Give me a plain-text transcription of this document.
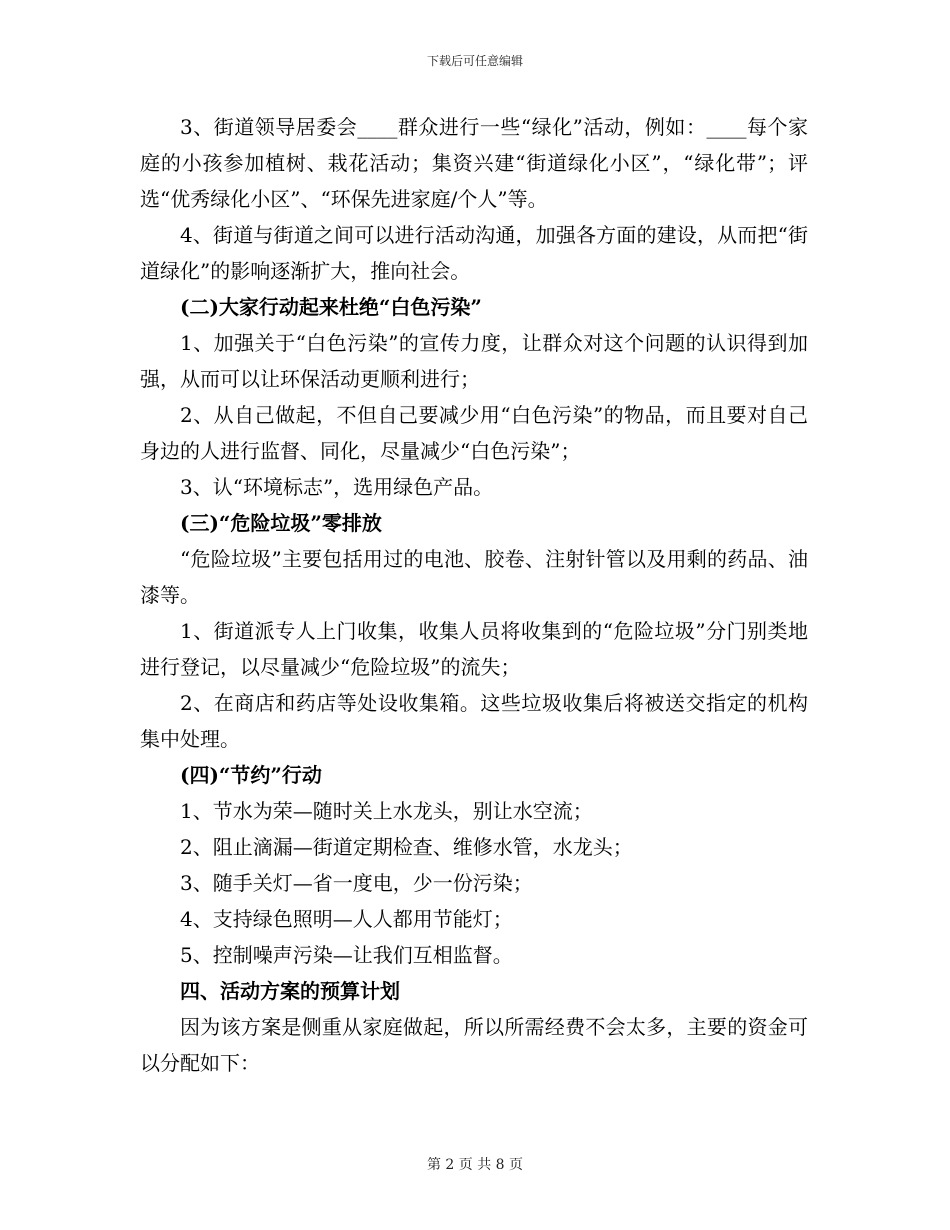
下载后可任意编辑

3、街道领导居委会____群众进行一些“绿化”活动，例如：____每个家庭的小孩参加植树、栽花活动；集资兴建“街道绿化小区”，“绿化带”；评选“优秀绿化小区”、“环保先进家庭/个人”等。

4、街道与街道之间可以进行活动沟通，加强各方面的建设，从而把“街道绿化”的影响逐渐扩大，推向社会。

(二)大家行动起来杜绝“白色污染”

1、加强关于“白色污染”的宣传力度，让群众对这个问题的认识得到加强，从而可以让环保活动更顺利进行；

2、从自己做起，不但自己要减少用“白色污染”的物品，而且要对自己身边的人进行监督、同化，尽量减少“白色污染”；

3、认“环境标志”，选用绿色产品。

(三)“危险垃圾”零排放

“危险垃圾”主要包括用过的电池、胶卷、注射针管以及用剩的药品、油漆等。

1、街道派专人上门收集，收集人员将收集到的“危险垃圾”分门别类地进行登记，以尽量减少“危险垃圾”的流失；

2、在商店和药店等处设收集箱。这些垃圾收集后将被送交指定的机构集中处理。

(四)“节约”行动

1、节水为荣—随时关上水龙头，别让水空流；

2、阻止滴漏—街道定期检查、维修水管，水龙头；

3、随手关灯—省一度电，少一份污染；

4、支持绿色照明—人人都用节能灯；

5、控制噪声污染—让我们互相监督。

四、活动方案的预算计划

因为该方案是侧重从家庭做起，所以所需经费不会太多，主要的资金可以分配如下：

第 2 页 共 8 页
